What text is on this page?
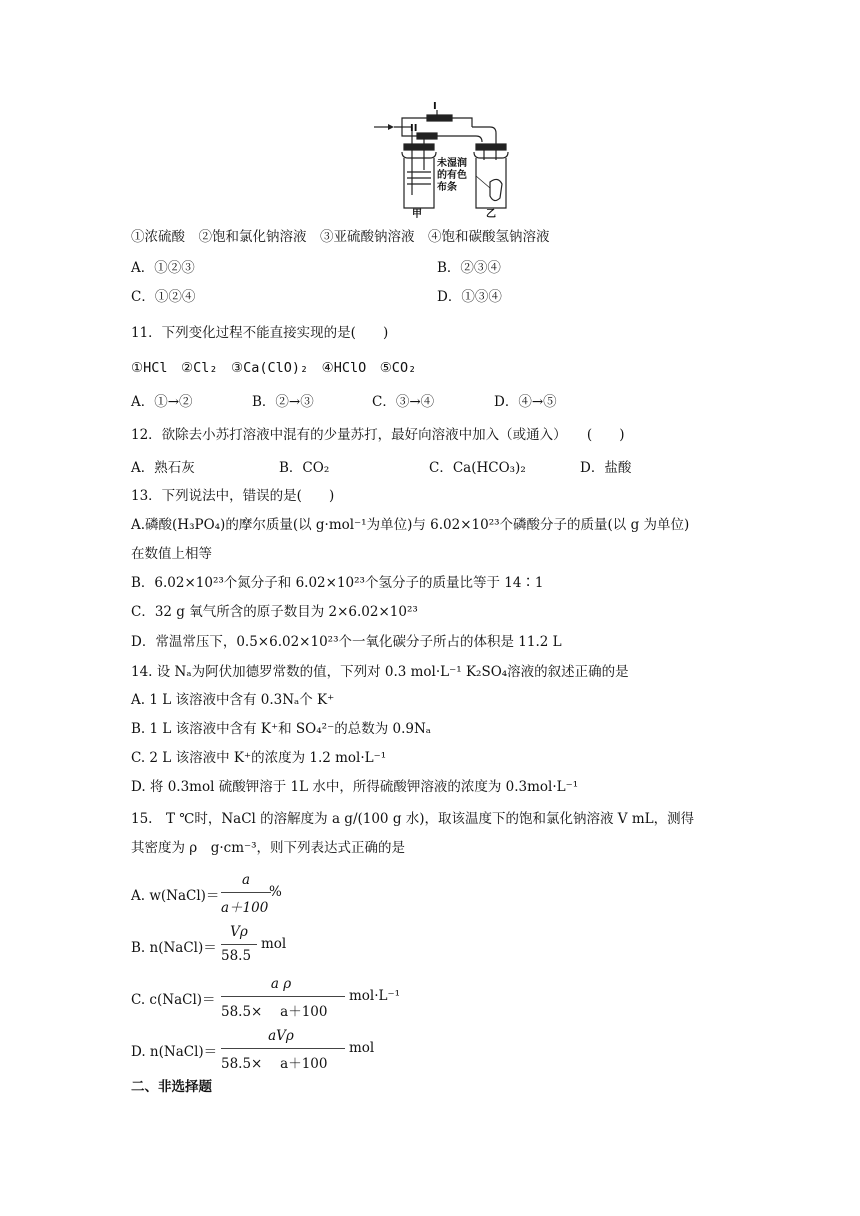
I
II
未湿润
的有色
布条
甲	乙
①浓硫酸　②饱和氯化钠溶液　③亚硫酸钠溶液　④饱和碳酸氢钠溶液
A．①②③	B．②③④
C．①②④	D．①③④
11．下列变化过程不能直接实现的是(　　)
①HCl　②Cl₂　③Ca(ClO)₂　④HClO　⑤CO₂
A．①→②	B．②→③	C．③→④	D．④→⑤
12．欲除去小苏打溶液中混有的少量苏打，最好向溶液中加入（或通入）　　(　　)
A．熟石灰	B．CO₂	C．Ca(HCO₃)₂	D．盐酸
13．下列说法中，错误的是(　　)
A.磷酸(H₃PO₄)的摩尔质量(以 g·mol⁻¹为单位)与 6.02×10²³个磷酸分子的质量(以 g 为单位)
在数值上相等
B．6.02×10²³个氮分子和 6.02×10²³个氢分子的质量比等于 14∶1
C．32 g 氧气所含的原子数目为 2×6.02×10²³
D．常温常压下，0.5×6.02×10²³个一氧化碳分子所占的体积是 11.2 L
14. 设 Nₐ为阿伏加德罗常数的值，下列对 0.3 mol·L⁻¹ K₂SO₄溶液的叙述正确的是
A. 1 L 该溶液中含有 0.3Nₐ个 K⁺
B. 1 L 该溶液中含有 K⁺和 SO₄²⁻的总数为 0.9Nₐ
C. 2 L 该溶液中 K⁺的浓度为 1.2 mol·L⁻¹
D. 将 0.3mol 硫酸钾溶于 1L 水中，所得硫酸钾溶液的浓度为 0.3mol·L⁻¹
15.　T ℃时，NaCl 的溶解度为 a g/(100 g 水)，取该温度下的饱和氯化钠溶液 V mL，测得
其密度为 ρ　g·cm⁻³，则下列表达式正确的是
A. w(NaCl)＝
a
a＋100
%
B. n(NaCl)＝
Vρ
58.5
mol
C. c(NaCl)＝
a ρ
58.5×　 a＋100
mol·L⁻¹
D. n(NaCl)＝
aVρ
58.5×　 a＋100
mol
二、非选择题
